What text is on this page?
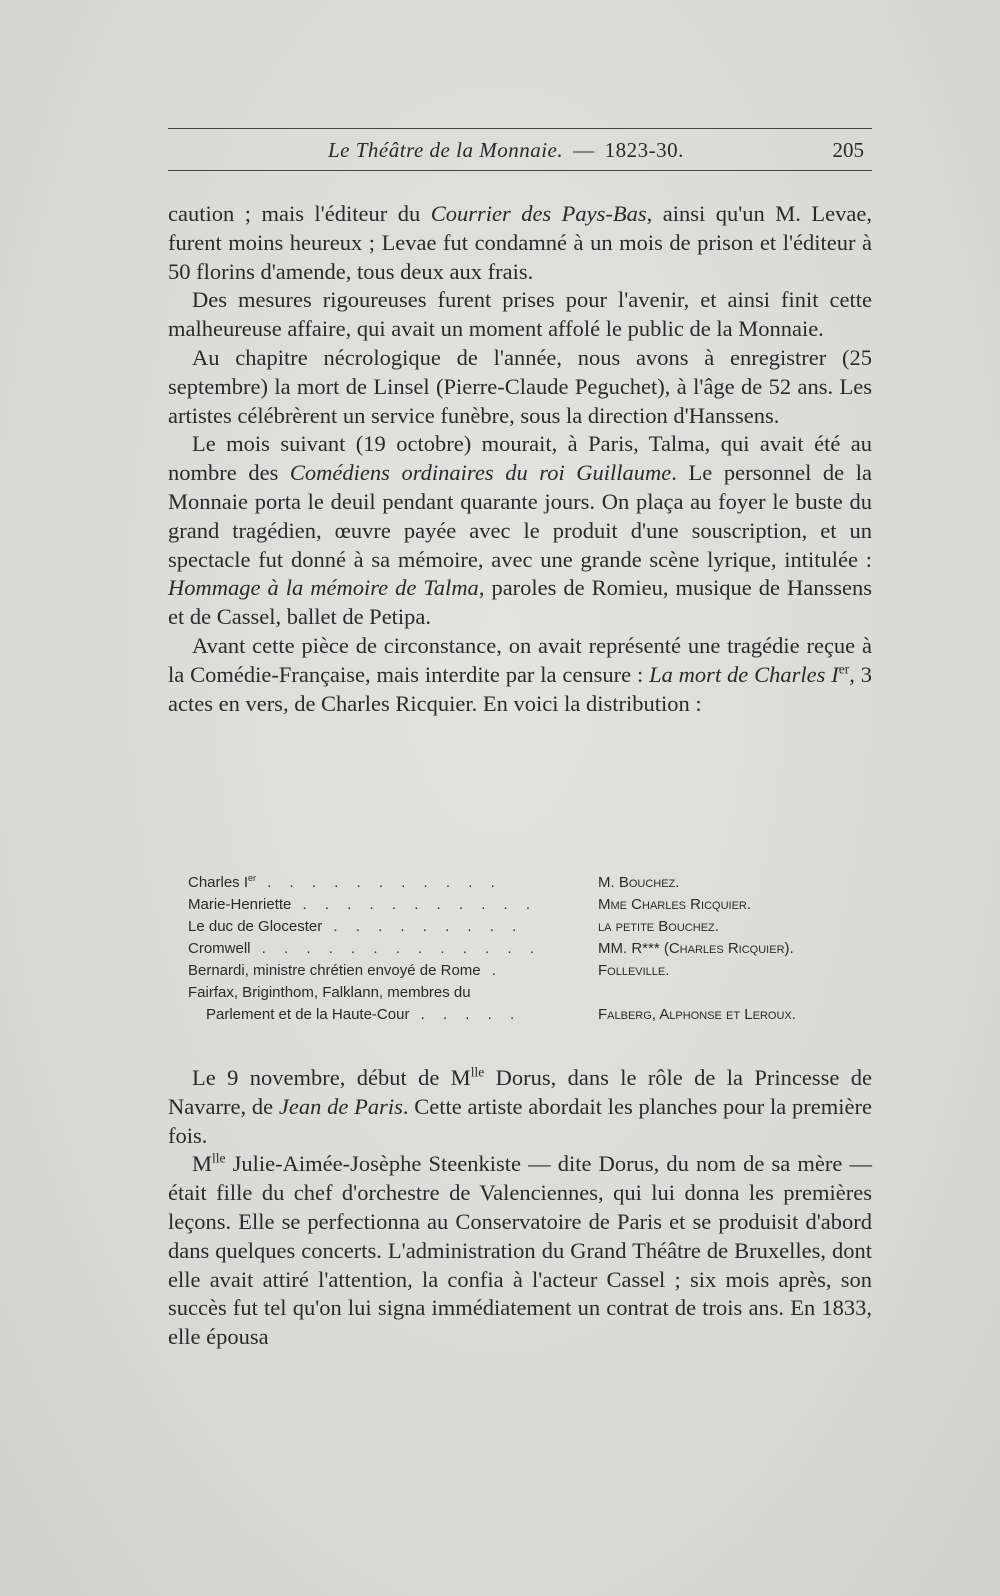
Le Théâtre de la Monnaie. — 1823-30.	205

caution ; mais l'éditeur du Courrier des Pays-Bas, ainsi qu'un M. Levae, furent moins heureux ; Levae fut condamné à un mois de prison et l'éditeur à 50 florins d'amende, tous deux aux frais.

Des mesures rigoureuses furent prises pour l'avenir, et ainsi finit cette malheureuse affaire, qui avait un moment affolé le public de la Monnaie.

Au chapitre nécrologique de l'année, nous avons à enregistrer (25 septembre) la mort de Linsel (Pierre-Claude Peguchet), à l'âge de 52 ans. Les artistes célébrèrent un service funèbre, sous la direction d'Hanssens.

Le mois suivant (19 octobre) mourait, à Paris, Talma, qui avait été au nombre des Comédiens ordinaires du roi Guillaume. Le personnel de la Monnaie porta le deuil pendant quarante jours. On plaça au foyer le buste du grand tragédien, œuvre payée avec le produit d'une souscription, et un spectacle fut donné à sa mémoire, avec une grande scène lyrique, intitulée : Hommage à la mémoire de Talma, paroles de Romieu, musique de Hanssens et de Cassel, ballet de Petipa.

Avant cette pièce de circonstance, on avait représenté une tragédie reçue à la Comédie-Française, mais interdite par la censure : La mort de Charles Ier, 3 actes en vers, de Charles Ricquier. En voici la distribution :

Charles Ier . . . . . . . . . . .	M. Bouchez.
Marie-Henriette . . . . . . . . . . .	Mme Charles Ricquier.
Le duc de Glocester . . . . . . . . .	la petite Bouchez.
Cromwell . . . . . . . . . . . . .	MM. R*** (Charles Ricquier).
Bernardi, ministre chrétien envoyé de Rome .	Folleville.
Fairfax, Briginthom, Falklann, membres du
Parlement et de la Haute-Cour . . . . .	Falberg, Alphonse et Leroux.

Le 9 novembre, début de $M^{lle}$ Dorus, dans le rôle de la Princesse de Navarre, de Jean de Paris. Cette artiste abordait les planches pour la première fois.

$M^{lle}$ Julie-Aimée-Josèphe Steenkiste — dite Dorus, du nom de sa mère — était fille du chef d'orchestre de Valenciennes, qui lui donna les premières leçons. Elle se perfectionna au Conservatoire de Paris et se produisit d'abord dans quelques concerts. L'administration du Grand Théâtre de Bruxelles, dont elle avait attiré l'attention, la confia à l'acteur Cassel ; six mois après, son succès fut tel qu'on lui signa immédiatement un contrat de trois ans. En 1833, elle épousa
